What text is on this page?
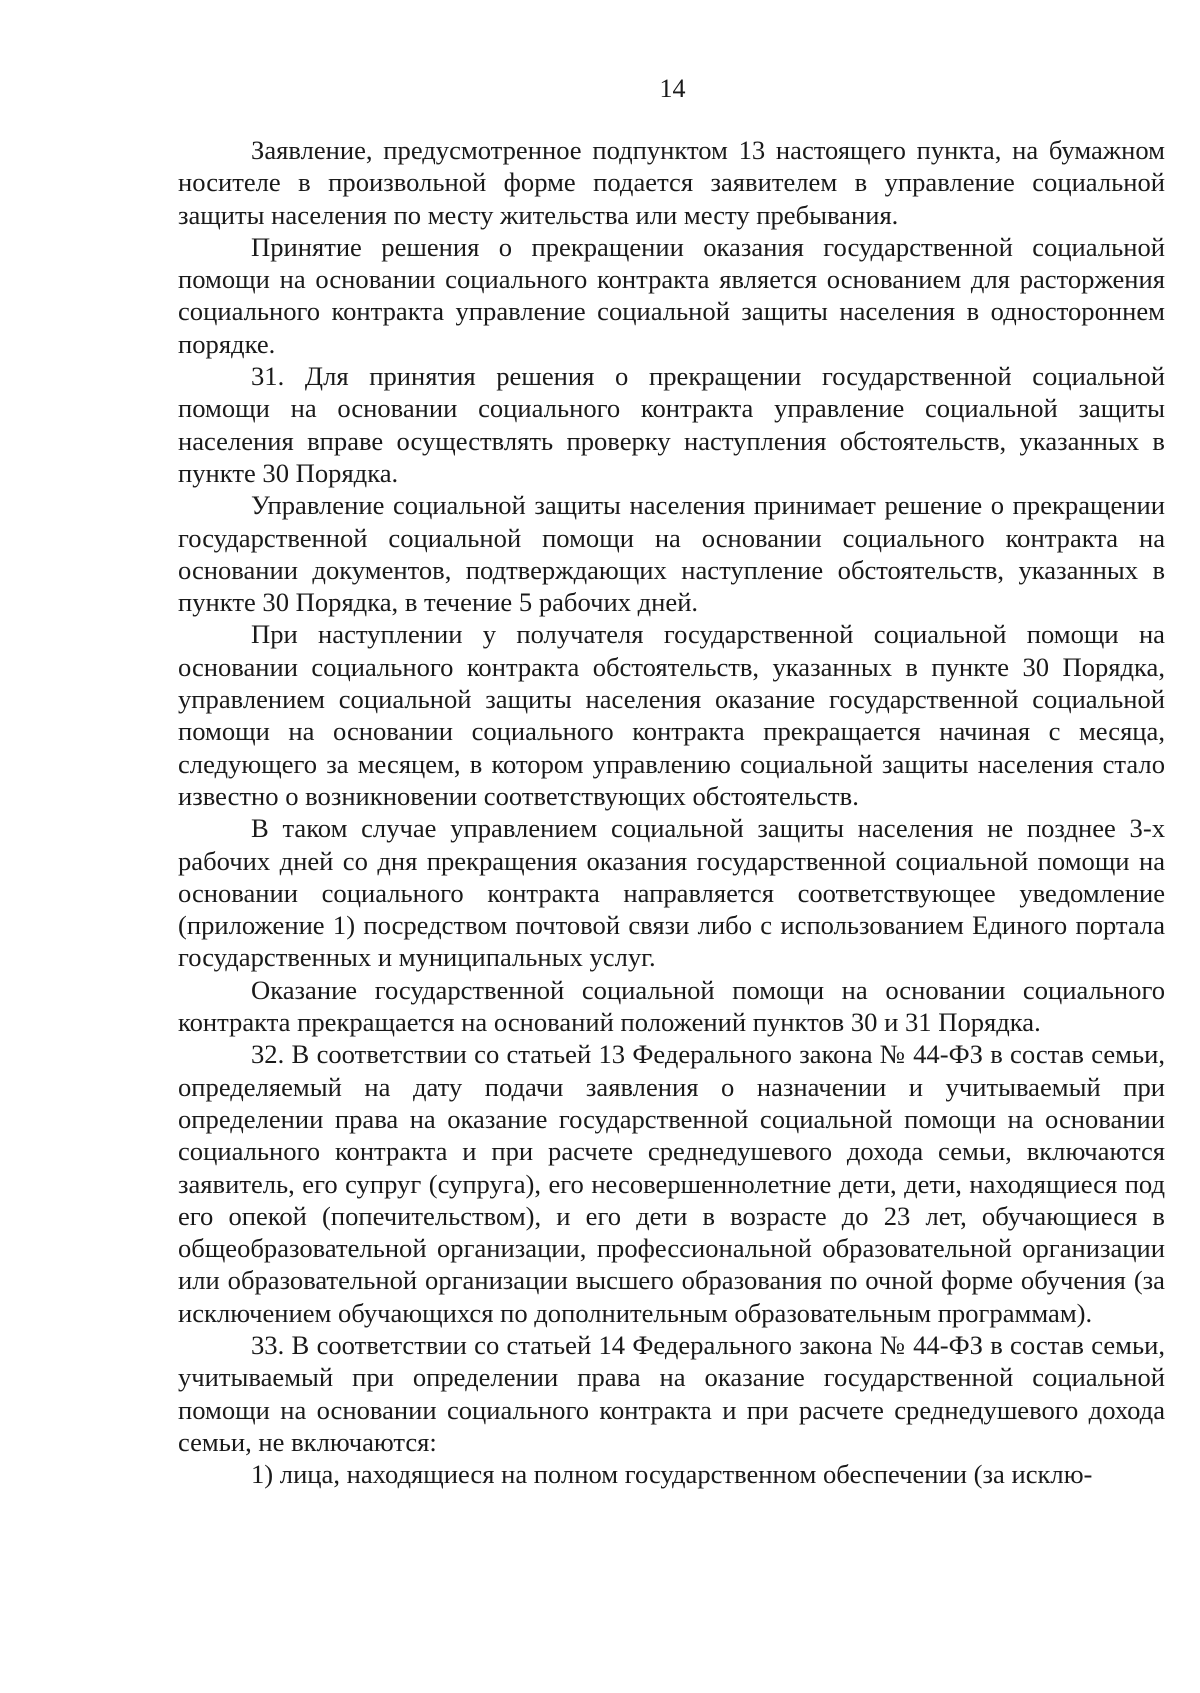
14

Заявление, предусмотренное подпунктом 13 настоящего пункта, на бумажном носителе в произвольной форме подается заявителем в управление социальной защиты населения по месту жительства или месту пребывания.

Принятие решения о прекращении оказания государственной социальной помощи на основании социального контракта является основанием для расторжения социального контракта управление социальной защиты населения в одностороннем порядке.

31. Для принятия решения о прекращении государственной социальной помощи на основании социального контракта управление социальной защиты населения вправе осуществлять проверку наступления обстоятельств, указанных в пункте 30 Порядка.

Управление социальной защиты населения принимает решение о прекращении государственной социальной помощи на основании социального контракта на основании документов, подтверждающих наступление обстоятельств, указанных в пункте 30 Порядка, в течение 5 рабочих дней.

При наступлении у получателя государственной социальной помощи на основании социального контракта обстоятельств, указанных в пункте 30 Порядка, управлением социальной защиты населения оказание государственной социальной помощи на основании социального контракта прекращается начиная с месяца, следующего за месяцем, в котором управлению социальной защиты населения стало известно о возникновении соответствующих обстоятельств.

В таком случае управлением социальной защиты населения не позднее 3-х рабочих дней со дня прекращения оказания государственной социальной помощи на основании социального контракта направляется соответствующее уведомление (приложение 1) посредством почтовой связи либо с использованием Единого портала государственных и муниципальных услуг.

Оказание государственной социальной помощи на основании социального контракта прекращается на оснований положений пунктов 30 и 31 Порядка.

32. В соответствии со статьей 13 Федерального закона № 44-ФЗ в состав семьи, определяемый на дату подачи заявления о назначении и учитываемый при определении права на оказание государственной социальной помощи на основании социального контракта и при расчете среднедушевого дохода семьи, включаются заявитель, его супруг (супруга), его несовершеннолетние дети, дети, находящиеся под его опекой (попечительством), и его дети в возрасте до 23 лет, обучающиеся в общеобразовательной организации, профессиональной образовательной организации или образовательной организации высшего образования по очной форме обучения (за исключением обучающихся по дополнительным образовательным программам).

33. В соответствии со статьей 14 Федерального закона № 44-ФЗ в состав семьи, учитываемый при определении права на оказание государственной социальной помощи на основании социального контракта и при расчете среднедушевого дохода семьи, не включаются:

1) лица, находящиеся на полном государственном обеспечении (за исклю-
